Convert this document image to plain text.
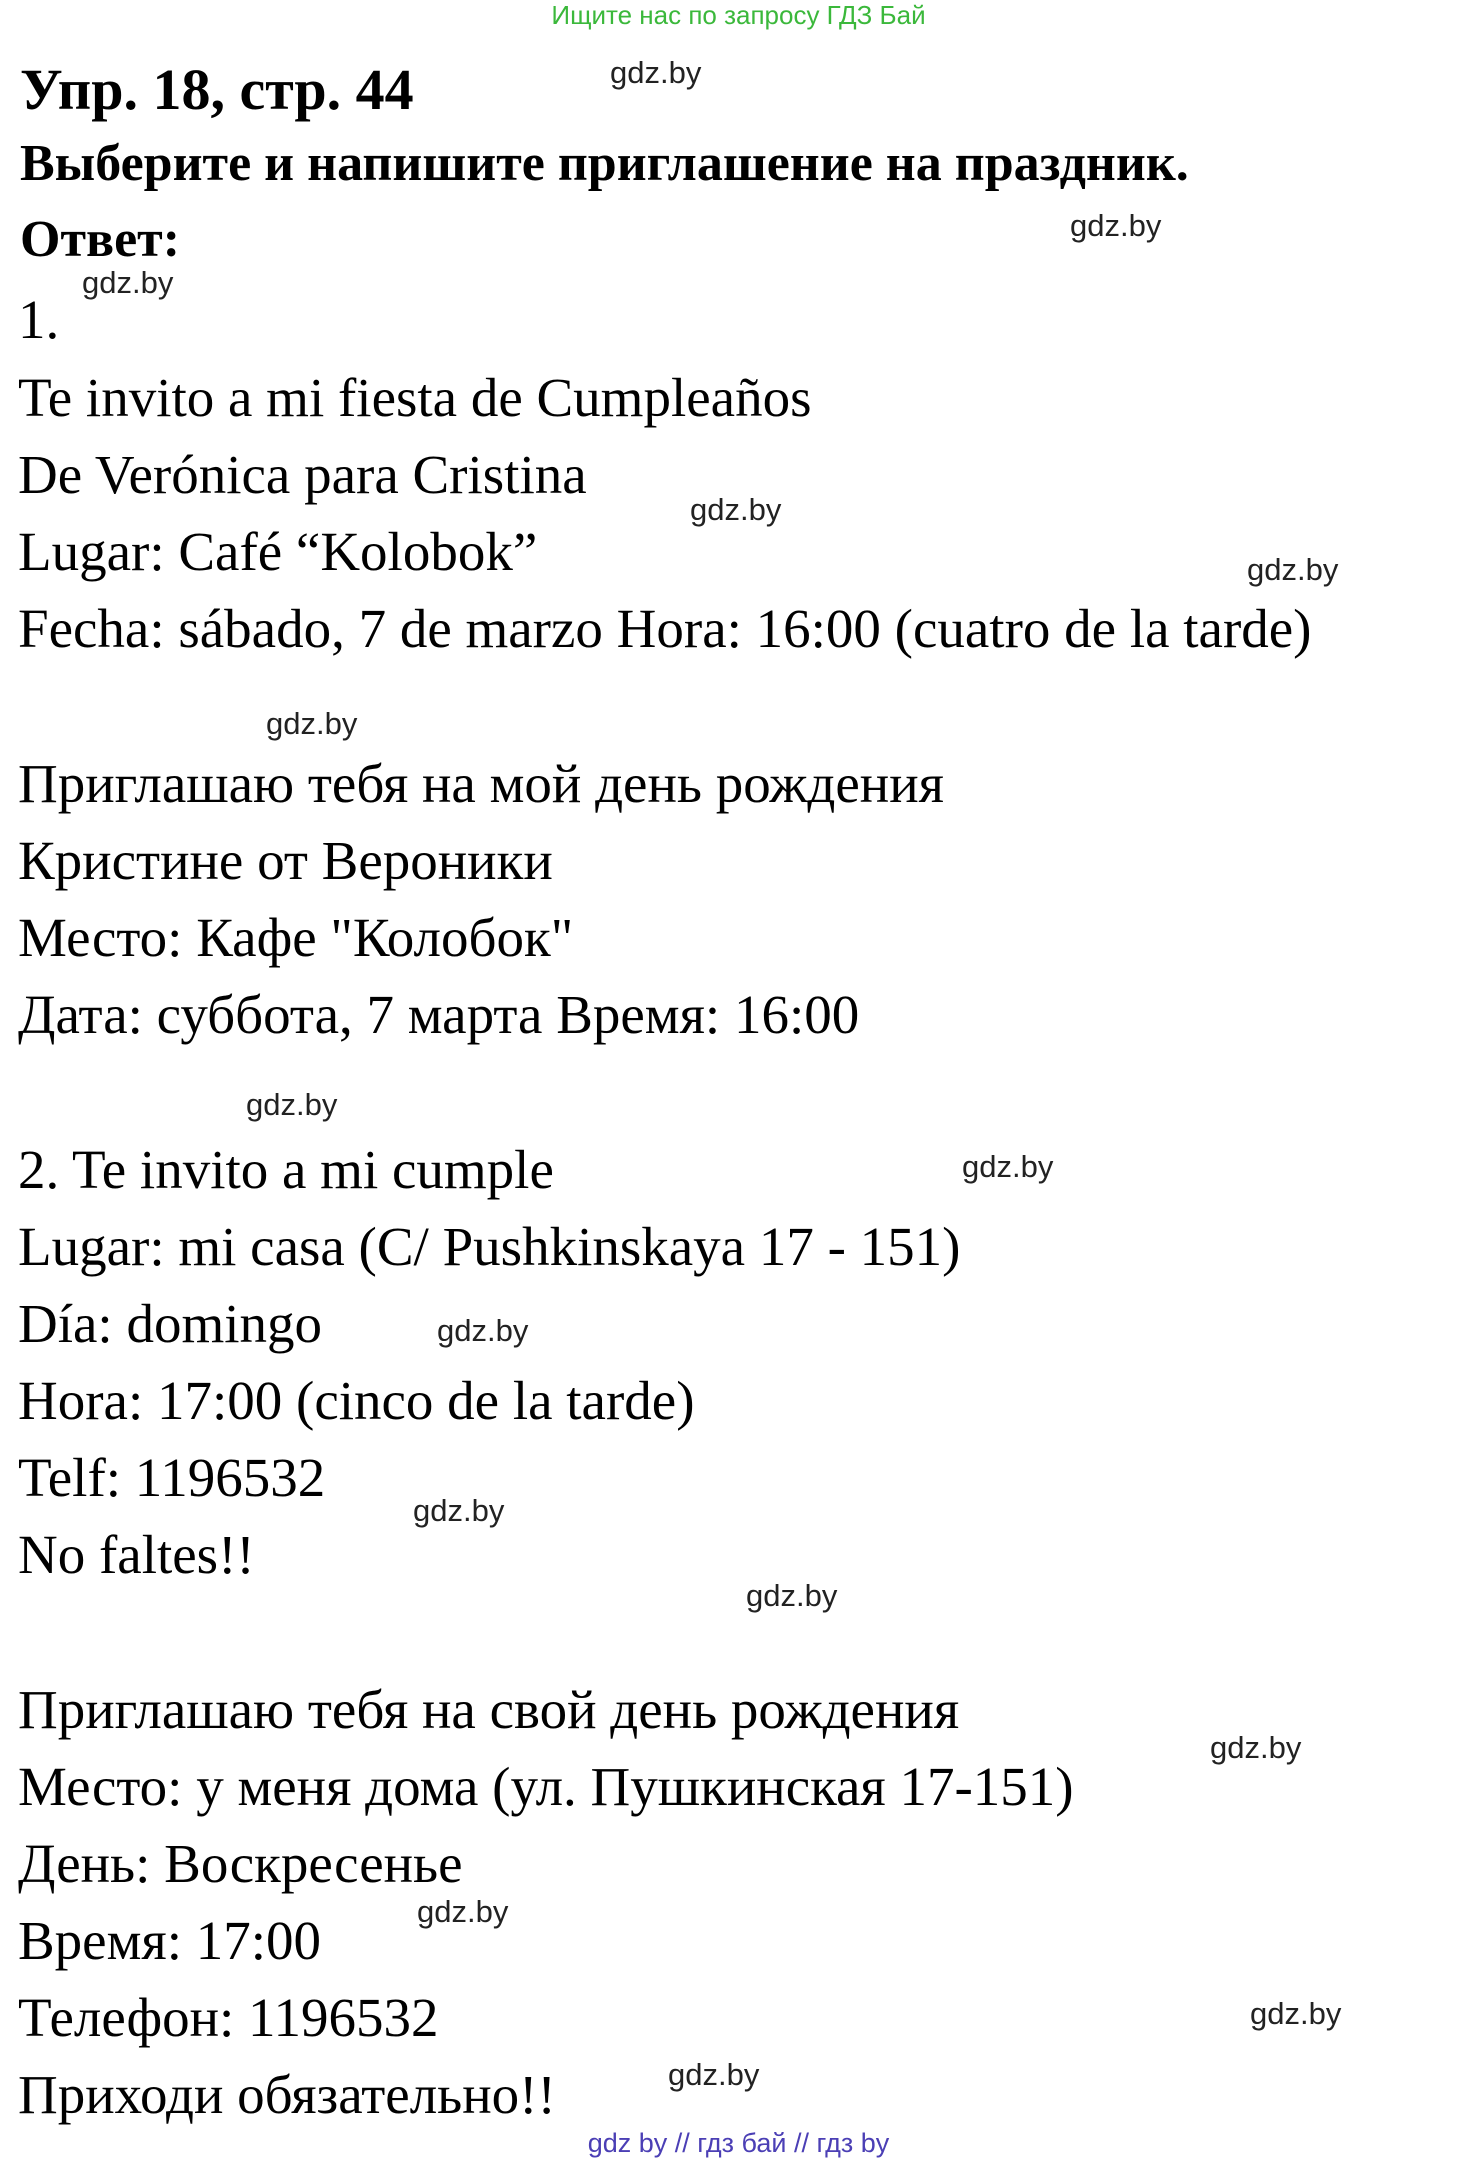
Ищите нас по запросу ГДЗ Бай
Упр. 18, стр. 44
Выберите и напишите приглашение на праздник.
Ответ:
1.
Te invito a mi fiesta de Cumpleaños
De Verónica para Cristina
Lugar: Café “Kolobok”
Fecha: sábado, 7 de marzo Hora: 16:00 (cuatro de la tarde)
Приглашаю тебя на мой день рождения
Кристине от Вероники
Место: Кафе "Колобок"
Дата: суббота, 7 марта Время: 16:00
2. Te invito a mi cumple
Lugar: mi casa (C/ Pushkinskaya 17 - 151)
Día: domingo
Hora: 17:00 (cinco de la tarde)
Telf: 1196532
No faltes!!
Приглашаю тебя на свой день рождения
Место: у меня дома (ул. Пушкинская 17-151)
День: Воскресенье
Время: 17:00
Телефон: 1196532
Приходи обязательно!!
gdz.by
gdz.by
gdz.by
gdz.by
gdz.by
gdz.by
gdz.by
gdz.by
gdz.by
gdz.by
gdz.by
gdz.by
gdz.by
gdz.by
gdz.by
gdz by // гдз бай // гдз by
